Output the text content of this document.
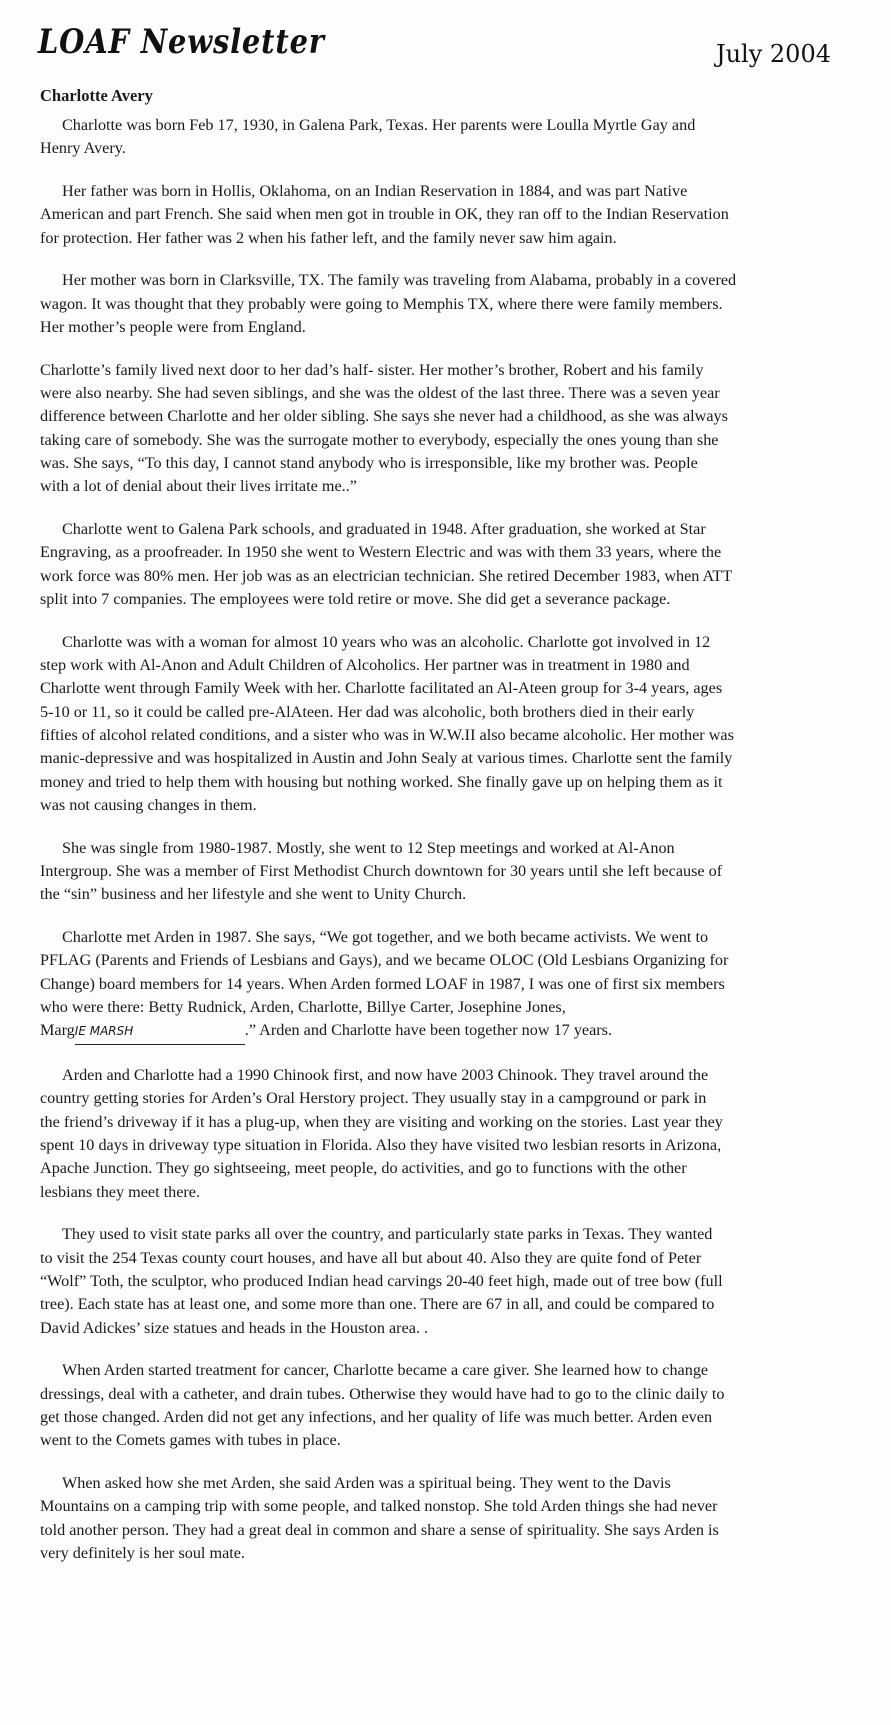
LOAF Newsletter	July 2004
Charlotte Avery
Charlotte was born Feb 17, 1930, in Galena Park, Texas. Her parents were Loulla Myrtle Gay and
Henry Avery.
Her father was born in Hollis, Oklahoma, on an Indian Reservation in 1884, and was part Native
American and part French. She said when men got in trouble in OK, they ran off to the Indian Reservation
for protection. Her father was 2 when his father left, and the family never saw him again.
Her mother was born in Clarksville, TX. The family was traveling from Alabama, probably in a covered
wagon. It was thought that they probably were going to Memphis TX, where there were family members.
Her mother’s people were from England.
Charlotte’s family lived next door to her dad’s half- sister. Her mother’s brother, Robert and his family
were also nearby. She had seven siblings, and she was the oldest of the last three. There was a seven year
difference between Charlotte and her older sibling. She says she never had a childhood, as she was always
taking care of somebody. She was the surrogate mother to everybody, especially the ones young than she
was. She says, “To this day, I cannot stand anybody who is irresponsible, like my brother was. People
with a lot of denial about their lives irritate me..”
Charlotte went to Galena Park schools, and graduated in 1948. After graduation, she worked at Star
Engraving, as a proofreader. In 1950 she went to Western Electric and was with them 33 years, where the
work force was 80% men. Her job was as an electrician technician. She retired December 1983, when ATT
split into 7 companies. The employees were told retire or move. She did get a severance package.
Charlotte was with a woman for almost 10 years who was an alcoholic. Charlotte got involved in 12
step work with Al-Anon and Adult Children of Alcoholics. Her partner was in treatment in 1980 and
Charlotte went through Family Week with her. Charlotte facilitated an Al-Ateen group for 3-4 years, ages
5-10 or 11, so it could be called pre-AlAteen. Her dad was alcoholic, both brothers died in their early
fifties of alcohol related conditions, and a sister who was in W.W.II also became alcoholic. Her mother was
manic-depressive and was hospitalized in Austin and John Sealy at various times. Charlotte sent the family
money and tried to help them with housing but nothing worked. She finally gave up on helping them as it
was not causing changes in them.
She was single from 1980-1987. Mostly, she went to 12 Step meetings and worked at Al-Anon
Intergroup. She was a member of First Methodist Church downtown for 30 years until she left because of
the “sin” business and her lifestyle and she went to Unity Church.
Charlotte met Arden in 1987. She says, “We got together, and we both became activists. We went to
PFLAG (Parents and Friends of Lesbians and Gays), and we became OLOC (Old Lesbians Organizing for
Change) board members for 14 years. When Arden formed LOAF in 1987, I was one of first six members
who were there: Betty Rudnick, Arden, Charlotte, Billye Carter, Josephine Jones,
MargIE MARSH	.” Arden and Charlotte have been together now 17 years.
Arden and Charlotte had a 1990 Chinook first, and now have 2003 Chinook. They travel around the
country getting stories for Arden’s Oral Herstory project. They usually stay in a campground or park in
the friend’s driveway if it has a plug-up, when they are visiting and working on the stories. Last year they
spent 10 days in driveway type situation in Florida. Also they have visited two lesbian resorts in Arizona,
Apache Junction. They go sightseeing, meet people, do activities, and go to functions with the other
lesbians they meet there.
They used to visit state parks all over the country, and particularly state parks in Texas. They wanted
to visit the 254 Texas county court houses, and have all but about 40. Also they are quite fond of Peter
“Wolf” Toth, the sculptor, who produced Indian head carvings 20-40 feet high, made out of tree bow (full
tree). Each state has at least one, and some more than one. There are 67 in all, and could be compared to
David Adickes’ size statues and heads in the Houston area. .
When Arden started treatment for cancer, Charlotte became a care giver. She learned how to change
dressings, deal with a catheter, and drain tubes. Otherwise they would have had to go to the clinic daily to
get those changed. Arden did not get any infections, and her quality of life was much better. Arden even
went to the Comets games with tubes in place.
When asked how she met Arden, she said Arden was a spiritual being. They went to the Davis
Mountains on a camping trip with some people, and talked nonstop. She told Arden things she had never
told another person. They had a great deal in common and share a sense of spirituality. She says Arden is
very definitely is her soul mate.
